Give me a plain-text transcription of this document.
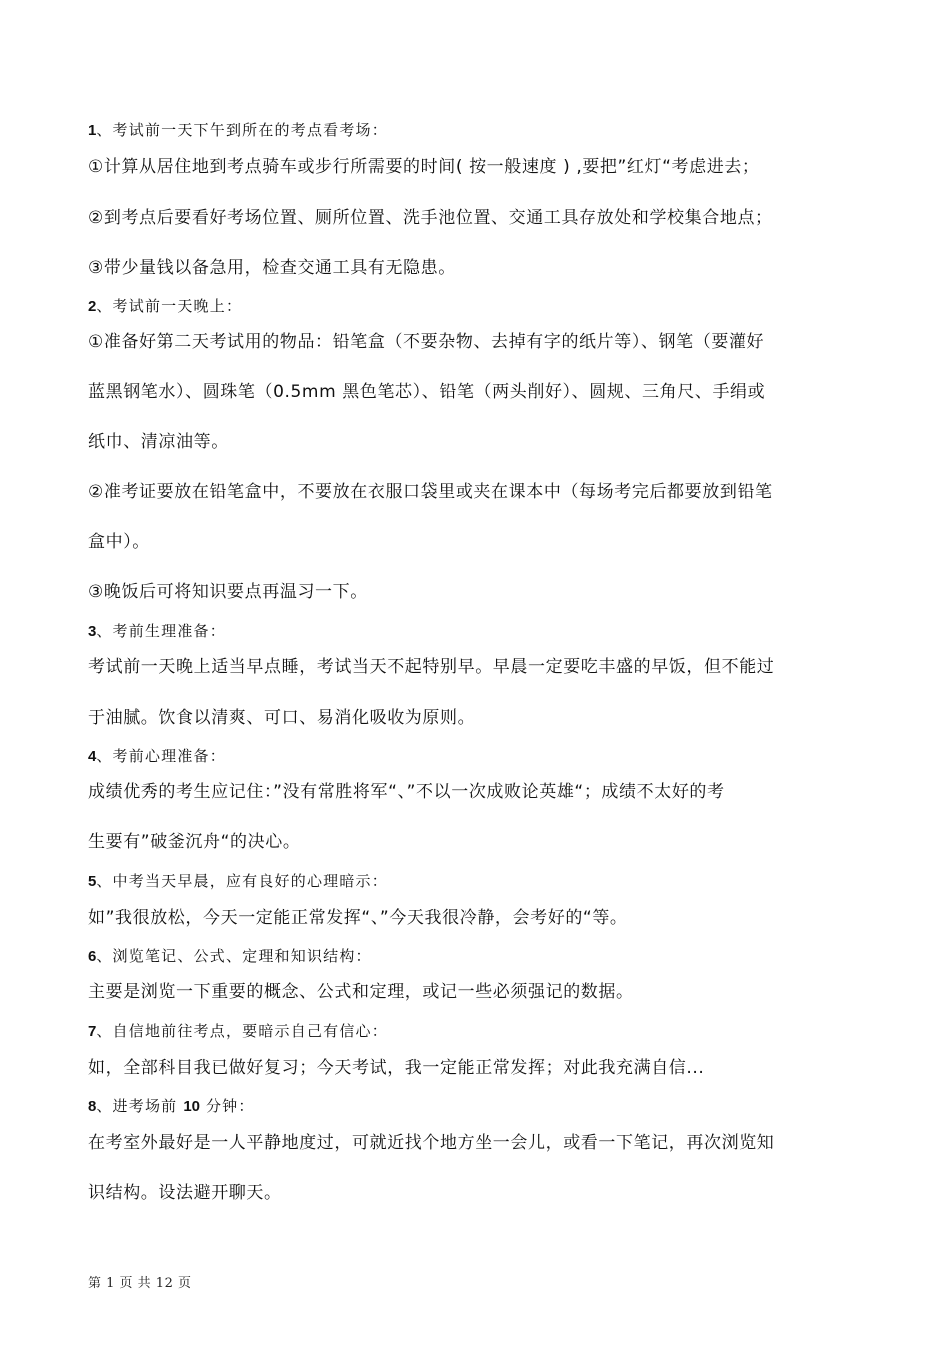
1、考试前一天下午到所在的考点看考场：
①计算从居住地到考点骑车或步行所需要的时间( 按一般速度 ) ,要把”红灯“考虑进去；
②到考点后要看好考场位置、厕所位置、洗手池位置、交通工具存放处和学校集合地点；
③带少量钱以备急用，检查交通工具有无隐患。
2、考试前一天晚上：
①准备好第二天考试用的物品：铅笔盒（不要杂物、去掉有字的纸片等）、钢笔（要灌好
蓝黑钢笔水）、圆珠笔（0.5mm 黑色笔芯）、铅笔（两头削好）、圆规、三角尺、手绢或
纸巾、清凉油等。
②准考证要放在铅笔盒中，不要放在衣服口袋里或夹在课本中（每场考完后都要放到铅笔
盒中）。
③晚饭后可将知识要点再温习一下。
3、考前生理准备：
考试前一天晚上适当早点睡，考试当天不起特别早。早晨一定要吃丰盛的早饭，但不能过
于油腻。饮食以清爽、可口、易消化吸收为原则。
4、考前心理准备：
成绩优秀的考生应记住：”没有常胜将军“、”不以一次成败论英雄“；成绩不太好的考
生要有”破釜沉舟“的决心。
5、中考当天早晨，应有良好的心理暗示：
如”我很放松，今天一定能正常发挥“、”今天我很冷静，会考好的“等。
6、浏览笔记、公式、定理和知识结构：
主要是浏览一下重要的概念、公式和定理，或记一些必须强记的数据。
7、自信地前往考点，要暗示自己有信心：
如，全部科目我已做好复习；今天考试，我一定能正常发挥；对此我充满自信...
8、进考场前 10 分钟：
在考室外最好是一人平静地度过，可就近找个地方坐一会儿，或看一下笔记，再次浏览知
识结构。设法避开聊天。
第 1 页 共 12 页
